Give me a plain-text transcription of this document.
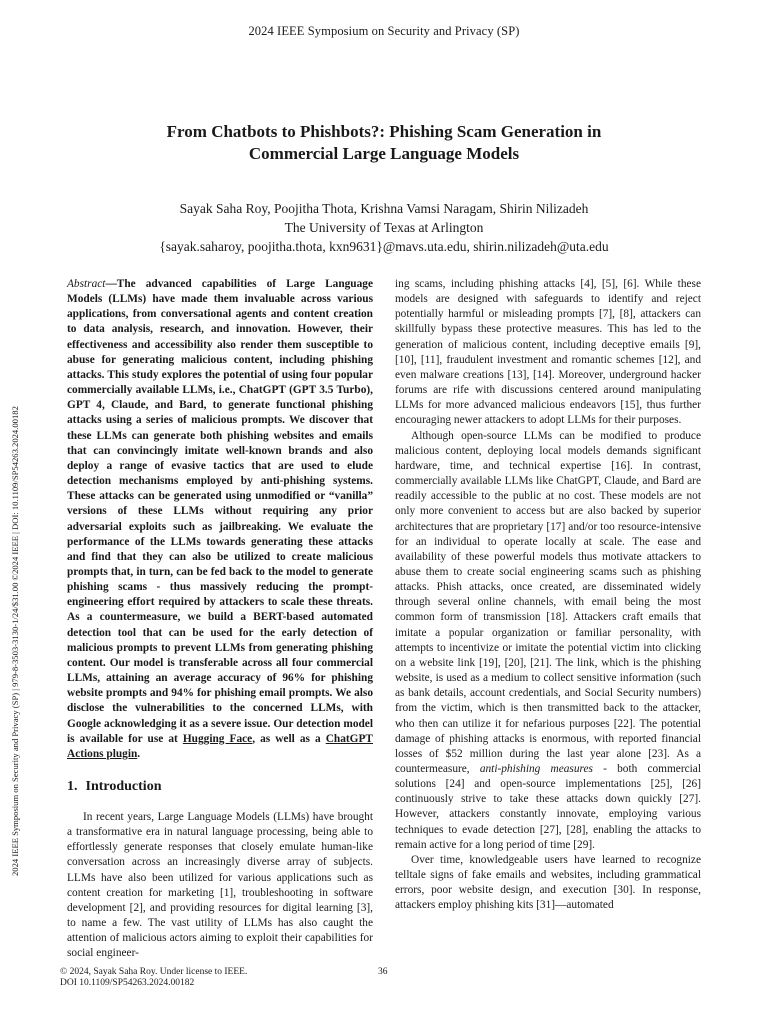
2024 IEEE Symposium on Security and Privacy (SP)
From Chatbots to Phishbots?: Phishing Scam Generation in
Commercial Large Language Models
Sayak Saha Roy, Poojitha Thota, Krishna Vamsi Naragam, Shirin Nilizadeh
The University of Texas at Arlington
{sayak.saharoy, poojitha.thota, kxn9631}@mavs.uta.edu, shirin.nilizadeh@uta.edu
2024 IEEE Symposium on Security and Privacy (SP) | 979-8-3503-3130-1/24/$31.00 ©2024 IEEE | DOI: 10.1109/SP54263.2024.00182

Abstract—The advanced capabilities of Large Language Models (LLMs) have made them invaluable across various applications, from conversational agents and content creation to data analysis, research, and innovation. However, their effectiveness and accessibility also render them susceptible to abuse for generating malicious content, including phishing attacks. This study explores the potential of using four popular commercially available LLMs, i.e., ChatGPT (GPT 3.5 Turbo), GPT 4, Claude, and Bard, to generate functional phishing attacks using a series of malicious prompts. We discover that these LLMs can generate both phishing websites and emails that can convincingly imitate well-known brands and also deploy a range of evasive tactics that are used to elude detection mechanisms employed by anti-phishing systems. These attacks can be generated using unmodified or “vanilla” versions of these LLMs without requiring any prior adversarial exploits such as jailbreaking. We evaluate the performance of the LLMs towards generating these attacks and find that they can also be utilized to create malicious prompts that, in turn, can be fed back to the model to generate phishing scams - thus massively reducing the prompt-engineering effort required by attackers to scale these threats. As a countermeasure, we build a BERT-based automated detection tool that can be used for the early detection of malicious prompts to prevent LLMs from generating phishing content. Our model is transferable across all four commercial LLMs, attaining an average accuracy of 96% for phishing website prompts and 94% for phishing email prompts. We also disclose the vulnerabilities to the concerned LLMs, with Google acknowledging it as a severe issue. Our detection model is available for use at Hugging Face, as well as a ChatGPT Actions plugin.

1. Introduction

In recent years, Large Language Models (LLMs) have brought a transformative era in natural language processing, being able to effortlessly generate responses that closely emulate human-like conversation across an increasingly diverse array of subjects. LLMs have also been utilized for various applications such as content creation for marketing [1], troubleshooting in software development [2], and providing resources for digital learning [3], to name a few. The vast utility of LLMs has also caught the attention of malicious actors aiming to exploit their capabilities for social engineer-

ing scams, including phishing attacks [4], [5], [6]. While these models are designed with safeguards to identify and reject potentially harmful or misleading prompts [7], [8], attackers can skillfully bypass these protective measures. This has led to the generation of malicious content, including deceptive emails [9], [10], [11], fraudulent investment and romantic schemes [12], and even malware creations [13], [14]. Moreover, underground hacker forums are rife with discussions centered around manipulating LLMs for more advanced malicious endeavors [15], thus further encouraging newer attackers to adopt LLMs for their purposes.

Although open-source LLMs can be modified to produce malicious content, deploying local models demands significant hardware, time, and technical expertise [16]. In contrast, commercially available LLMs like ChatGPT, Claude, and Bard are readily accessible to the public at no cost. These models are not only more convenient to access but are also backed by superior architectures that are proprietary [17] and/or too resource-intensive for an individual to operate locally at scale. The ease and availability of these powerful models thus motivate attackers to abuse them to create social engineering scams such as phishing attacks. Phish attacks, once created, are disseminated widely through several online channels, with email being the most common form of transmission [18]. Attackers craft emails that imitate a popular organization or familiar personality, with attempts to incentivize or imitate the potential victim into clicking on a website link [19], [20], [21]. The link, which is the phishing website, is used as a medium to collect sensitive information (such as bank details, account credentials, and Social Security numbers) from the victim, which is then transmitted back to the attacker, who then can utilize it for nefarious purposes [22]. The potential damage of phishing attacks is enormous, with reported financial losses of $52 million during the last year alone [23]. As a countermeasure, anti-phishing measures - both commercial solutions [24] and open-source implementations [25], [26] continuously strive to take these attacks down quickly [27]. However, attackers constantly innovate, employing various techniques to evade detection [27], [28], enabling the attacks to remain active for a long period of time [29].

Over time, knowledgeable users have learned to recognize telltale signs of fake emails and websites, including grammatical errors, poor website design, and execution [30]. In response, attackers employ phishing kits [31]—automated

© 2024, Sayak Saha Roy. Under license to IEEE.
DOI 10.1109/SP54263.2024.00182
36
